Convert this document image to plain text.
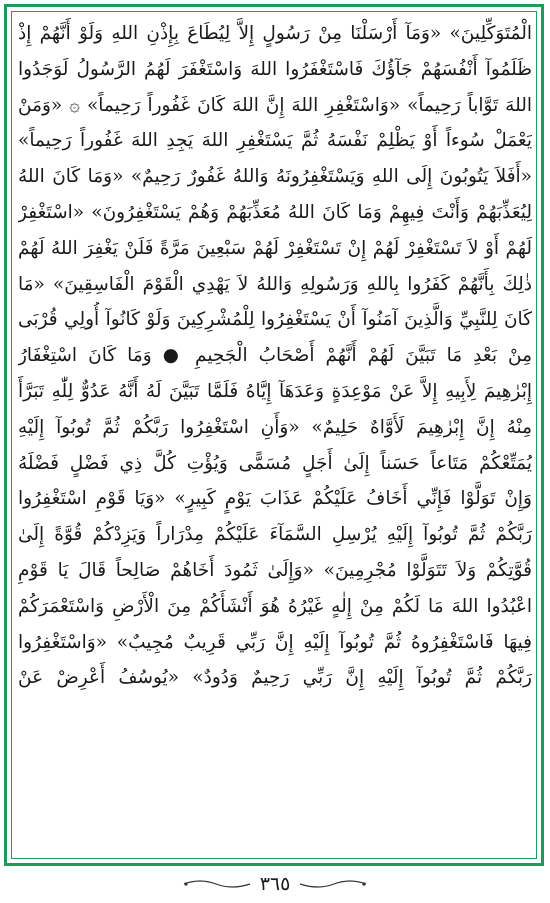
الْمُتَوَكِّلِينَ» «وَمَآ أَرْسَلْنَا مِنْ رَسُولٍ إِلاَّ لِيُطَاعَ بِإِذْنِ اللهِ وَلَوْ أَنَّهُمْ إِذْ
ظَلَمُوآ أَنْفُسَهُمْ جَآؤُكَ فَاسْتَغْفَرُوا اللهَ وَاسْتَغْفَرَ لَهُمُ الرَّسُولُ لَوَجَدُوا
اللهَ تَوَّاباً رَحِيماً» «وَاسْتَغْفِرِ اللهَ إِنَّ اللهَ كَانَ غَفُوراً رَحِيماً» ۞ «وَمَنْ
يَعْمَلْ سُوءاً أَوْ يَظْلِمْ نَفْسَهُ ثُمَّ يَسْتَغْفِرِ اللهَ يَجِدِ اللهَ غَفُوراً رَحِيماً»
«أَفَلاَ يَتُوبُونَ إِلَى اللهِ وَيَسْتَغْفِرُونَهُ وَاللهُ غَفُورٌ رَحِيمٌ» «وَمَا كَانَ اللهُ
لِيُعَذِّبَهُمْ وَأَنْتَ فِيهِمْ وَمَا كَانَ اللهُ مُعَذِّبَهُمْ وَهُمْ يَسْتَغْفِرُونَ» «اسْتَغْفِرْ
لَهُمْ أَوْ لاَ تَسْتَغْفِرْ لَهُمْ إِنْ تَسْتَغْفِرْ لَهُمْ سَبْعِينَ مَرَّةً فَلَنْ يَغْفِرَ اللهُ لَهُمْ
ذٰلِكَ بِأَنَّهُمْ كَفَرُوا بِاللهِ وَرَسُولِهِ وَاللهُ لاَ يَهْدِي الْقَوْمَ الْفَاسِقِينَ» «مَا
كَانَ لِلنَّبِيِّ وَالَّذِينَ آمَنُوآ أَنْ يَسْتَغْفِرُوا لِلْمُشْرِكِينَ وَلَوْ كَانُوآ أُولِي قُرْبَى
مِنْ بَعْدِ مَا تَبَيَّنَ لَهُمْ أَنَّهُمْ أَصْحَابُ الْجَحِيمِ ● وَمَا كَانَ اسْتِغْفَارُ
إِبْرٰهِيمَ لِأَبِيهِ إِلاَّ عَنْ مَوْعِدَةٍ وَعَدَهَآ إِيَّاهُ فَلَمَّا تَبَيَّنَ لَهُ أَنَّهُ عَدُوٌّ لِلّٰهِ تَبَرَّأَ
مِنْهُ إِنَّ إِبْرٰهِيمَ لَأَوَّاهٌ حَلِيمٌ» «وَأَنِ اسْتَغْفِرُوا رَبَّكُمْ ثُمَّ تُوبُوآ إِلَيْهِ
يُمَتِّعْكُمْ مَتَاعاً حَسَناً إِلَىٰ أَجَلٍ مُسَمًّى وَيُؤْتِ كُلَّ ذِي فَضْلٍ فَضْلَهُ
وَإِنْ تَوَلَّوْا فَإِنِّي أَخَافُ عَلَيْكُمْ عَذَابَ يَوْمٍ كَبِيرٍ» «وَيَا قَوْمِ اسْتَغْفِرُوا
رَبَّكُمْ ثُمَّ تُوبُوآ إِلَيْهِ يُرْسِلِ السَّمَآءَ عَلَيْكُمْ مِدْرَاراً وَيَزِدْكُمْ قُوَّةً إِلَىٰ
قُوَّتِكُمْ وَلاَ تَتَوَلَّوْا مُجْرِمِينَ» «وَإِلَىٰ ثَمُودَ أَخَاهُمْ صَالِحاً قَالَ يَا قَوْمِ
اعْبُدُوا اللهَ مَا لَكُمْ مِنْ إِلٰهٍ غَيْرُهُ هُوَ أَنْشَأَكُمْ مِنَ الْأَرْضِ وَاسْتَعْمَرَكُمْ
فِيهَا فَاسْتَغْفِرُوهُ ثُمَّ تُوبُوآ إِلَيْهِ إِنَّ رَبِّي قَرِيبٌ مُجِيبٌ» «وَاسْتَغْفِرُوا
رَبَّكُمْ ثُمَّ تُوبُوآ إِلَيْهِ إِنَّ رَبِّي رَحِيمٌ وَدُودٌ» «يُوسُفُ أَعْرِضْ عَنْ
٣٦٥
